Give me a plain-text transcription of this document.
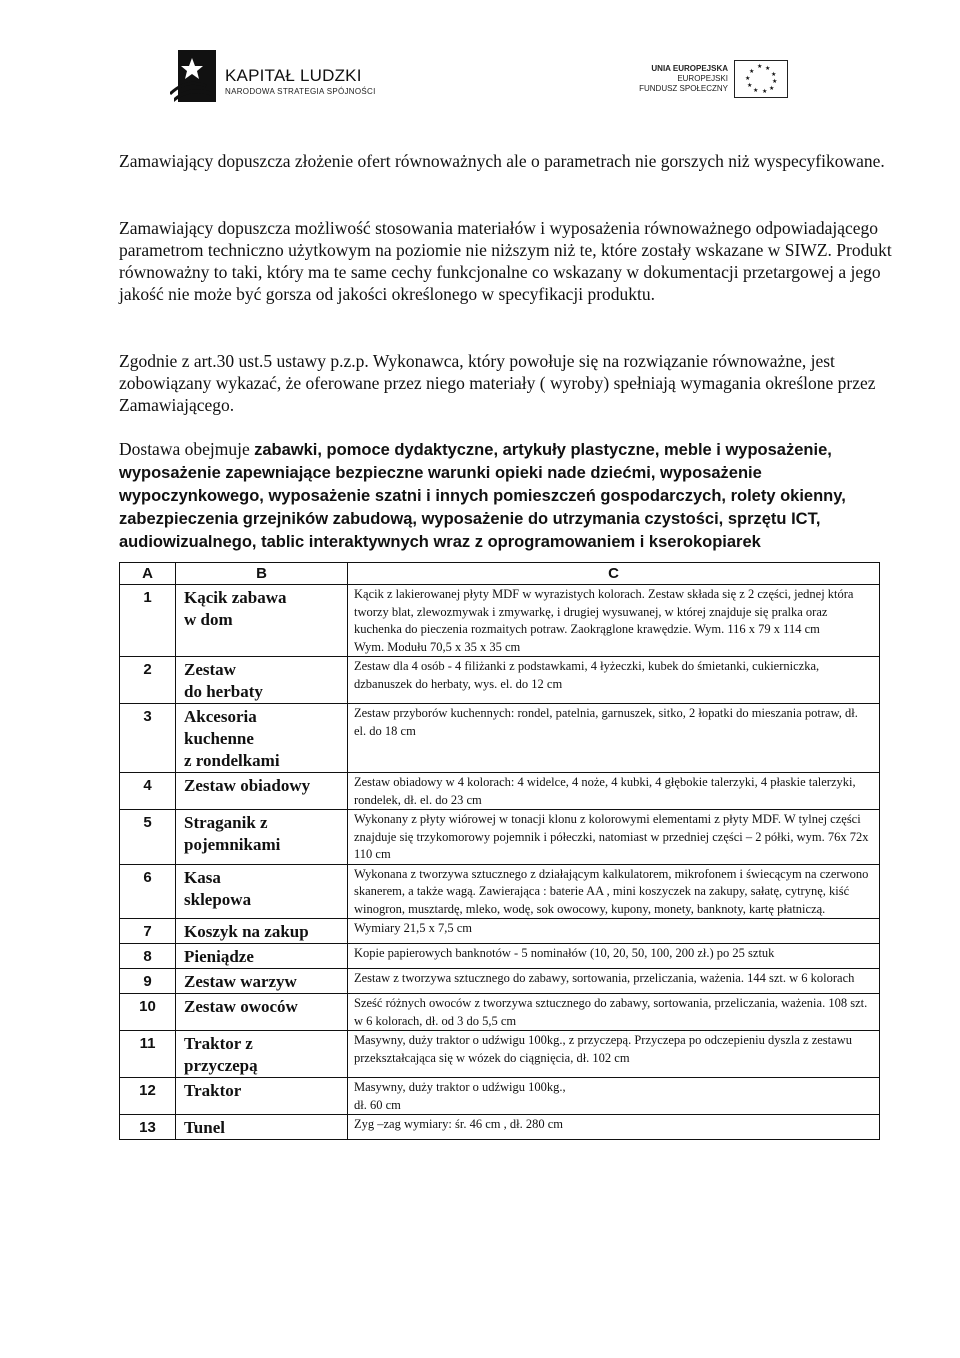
KAPITAŁ LUDZKI
NARODOWA STRATEGIA SPÓJNOŚCI
UNIA EUROPEJSKA
EUROPEJSKI
FUNDUSZ SPOŁECZNY
★ ★
★
★
★
★
★
★
★
★
Zamawiający dopuszcza złożenie ofert równoważnych ale o parametrach nie gorszych niż wyspecyfikowane.
Zamawiający dopuszcza możliwość stosowania materiałów i wyposażenia równoważnego odpowiadającego parametrom techniczno użytkowym na poziomie nie niższym niż te, które zostały wskazane w SIWZ. Produkt równoważny to taki, który ma te same cechy funkcjonalne co wskazany w dokumentacji przetargowej a jego jakość nie może być gorsza od jakości określonego w specyfikacji produktu.
Zgodnie z art.30 ust.5 ustawy p.z.p. Wykonawca, który powołuje się na rozwiązanie równoważne, jest zobowiązany wykazać, że oferowane przez niego materiały ( wyroby) spełniają wymagania określone przez Zamawiającego.
Dostawa obejmuje zabawki, pomoce dydaktyczne, artykuły plastyczne, meble i wyposażenie, wyposażenie zapewniające bezpieczne warunki opieki nade dziećmi, wyposażenie wypoczynkowego, wyposażenie szatni i innych pomieszczeń gospodarczych, rolety okienny, zabezpieczenia grzejników zabudową, wyposażenie do utrzymania czystości, sprzętu ICT, audiowizualnego, tablic interaktywnych wraz z oprogramowaniem i kserokopiarek
A	B	C
1	Kącik zabawa
w dom	Kącik z lakierowanej płyty MDF w wyrazistych kolorach. Zestaw składa się z 2 części, jednej która tworzy blat, zlewozmywak i zmywarkę, i drugiej wysuwanej, w której znajduje się pralka oraz kuchenka do pieczenia rozmaitych potraw. Zaokrąglone krawędzie. Wym. 116 x 79 x 114 cm
Wym. Modułu 70,5 x 35 x 35 cm
2	Zestaw
do herbaty	Zestaw dla 4 osób - 4 filiżanki z podstawkami, 4 łyżeczki, kubek do śmietanki, cukierniczka, dzbanuszek do herbaty, wys. el. do 12 cm
3	Akcesoria
kuchenne
z rondelkami	Zestaw przyborów kuchennych: rondel, patelnia, garnuszek, sitko, 2 łopatki do mieszania potraw, dł. el. do 18 cm
4	Zestaw obiadowy	Zestaw obiadowy w 4 kolorach: 4 widelce, 4 noże, 4 kubki, 4 głębokie talerzyki, 4 płaskie talerzyki, rondelek, dł. el. do 23 cm
5	Straganik z
pojemnikami	Wykonany z płyty wiórowej w tonacji klonu z kolorowymi elementami z płyty MDF. W tylnej części znajduje się trzykomorowy pojemnik i półeczki, natomiast w przedniej części – 2 półki, wym. 76x 72x 110 cm
6	Kasa
sklepowa	Wykonana z tworzywa sztucznego z działającym kalkulatorem, mikrofonem i świecącym na czerwono skanerem, a także wagą. Zawierająca : baterie AA , mini koszyczek na zakupy, sałatę, cytrynę, kiść winogron, musztardę, mleko, wodę, sok owocowy, kupony, monety, banknoty, kartę płatniczą.
7	Koszyk na zakup	Wymiary 21,5 x 7,5 cm
8	Pieniądze	Kopie papierowych banknotów - 5 nominałów (10, 20, 50, 100, 200 zł.) po 25 sztuk
9	Zestaw warzyw	Zestaw z tworzywa sztucznego do zabawy, sortowania, przeliczania, ważenia. 144 szt. w 6 kolorach
10	Zestaw owoców	Sześć różnych owoców z tworzywa sztucznego do zabawy, sortowania, przeliczania, ważenia. 108 szt. w 6 kolorach, dł. od 3 do 5,5 cm
11	Traktor z
przyczepą	Masywny, duży traktor o udźwigu 100kg., z przyczepą. Przyczepa po odczepieniu dyszla z zestawu przekształcająca się w wózek do ciągnięcia, dł. 102 cm
12	Traktor	Masywny, duży traktor o udźwigu 100kg.,
dł. 60 cm
13	Tunel	Zyg –zag wymiary: śr. 46 cm , dł. 280 cm
